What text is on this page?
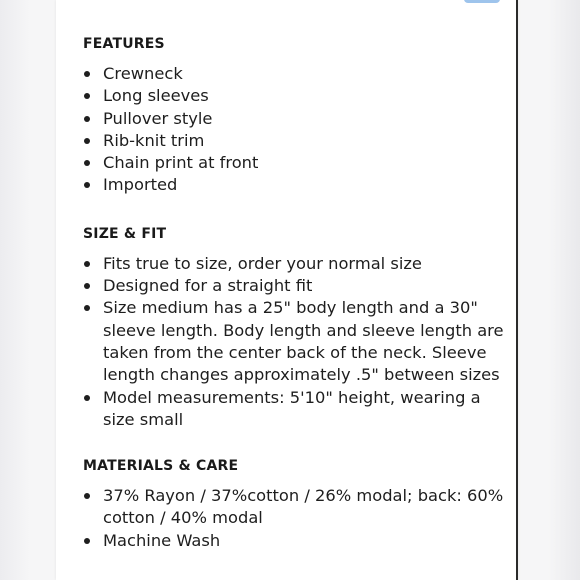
FEATURES
Crewneck
Long sleeves
Pullover style
Rib-knit trim
Chain print at front
Imported
SIZE & FIT
Fits true to size, order your normal size
Designed for a straight fit
Size medium has a 25" body length and a 30" sleeve length. Body length and sleeve length are taken from the center back of the neck. Sleeve length changes approximately .5" between sizes
Model measurements: 5'10" height, wearing a size small
MATERIALS & CARE
37% Rayon / 37%cotton / 26% modal; back: 60% cotton / 40% modal
Machine Wash
